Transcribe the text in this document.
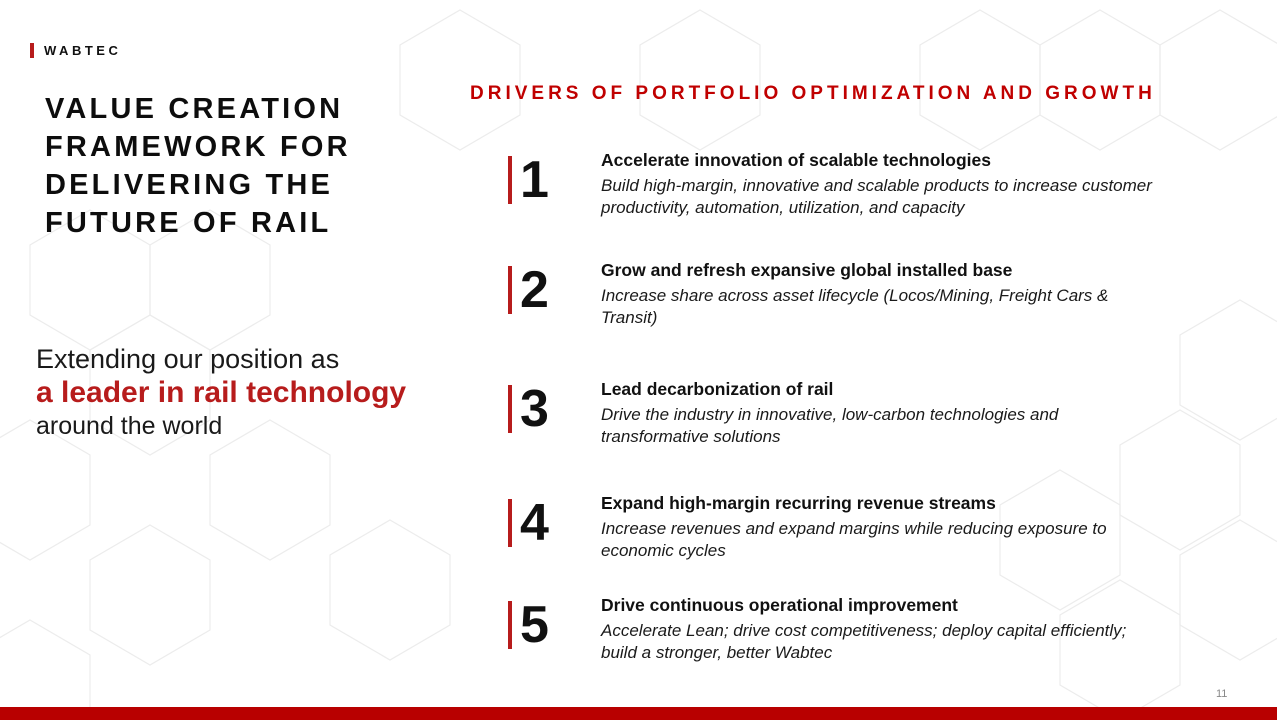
WABTEC
VALUE CREATION
FRAMEWORK FOR
DELIVERING THE
FUTURE OF RAIL
Extending our position as
a leader in rail technology
around the world
DRIVERS OF PORTFOLIO OPTIMIZATION AND GROWTH
1	Accelerate innovation of scalable technologies
Build high-margin, innovative and scalable products to increase customer productivity, automation, utilization, and capacity
2	Grow and refresh expansive global installed base
Increase share across asset lifecycle (Locos/Mining, Freight Cars & Transit)
3	Lead decarbonization of rail
Drive the industry in innovative, low-carbon technologies and transformative solutions
4	Expand high-margin recurring revenue streams
Increase revenues and expand margins while reducing exposure to economic cycles
5	Drive continuous operational improvement
Accelerate Lean; drive cost competitiveness; deploy capital efficiently; build a stronger, better Wabtec
11
